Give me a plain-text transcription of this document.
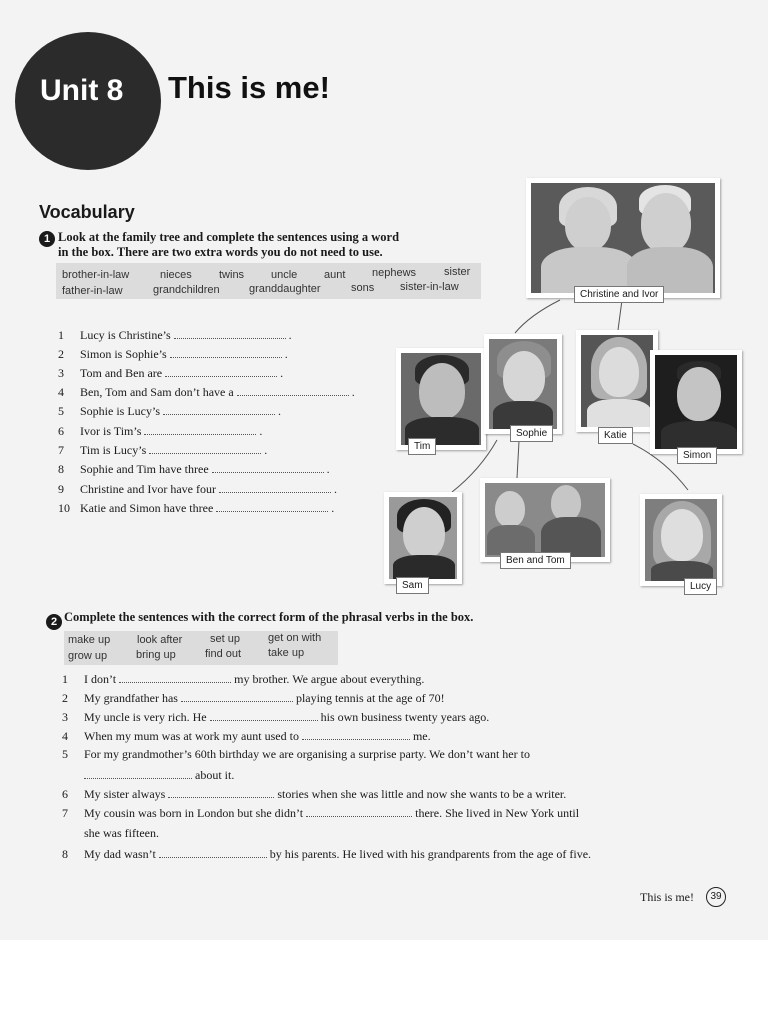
Unit 8 This is me!
Vocabulary
1 Look at the family tree and complete the sentences using a word
in the box. There are two extra words you do not need to use.
brother-in-law	nieces twins uncle aunt nephews	sister
father-in-law	grandchildren	granddaughter	sons sister-in-law
1 Lucy is Christine’s	.
2 Simon is Sophie’s	.
3 Tom and Ben are	.
4 Ben, Tom and Sam don’t have a	.
5 Sophie is Lucy’s	.
6 Ivor is Tim’s	.
7 Tim is Lucy’s	.
8 Sophie and Tim have three	.
9 Christine and Ivor have four	.
10 Katie and Simon have three	.
Christine and Ivor
Tim
Sophie	Katie
Simon
Sam
Ben and Tom
Lucy
2 Complete the sentences with the correct form of the phrasal verbs in the box.
make up look after	set up	get on with
grow up	bring up	find out take up
1 I don’t	my brother. We argue about everything.
2 My grandfather has	playing tennis at the age of 70!
3 My uncle is very rich. He	his own business twenty years ago.
4 When my mum was at work my aunt used to	me.
5 For my grandmother’s 60th birthday we are organising a surprise party. We don’t want her to
about it.
6 My sister always	stories when she was little and now she wants to be a writer.
7 My cousin was born in London but she didn’t	there. She lived in New York until
she was fifteen.
8 My dad wasn’t	by his parents. He lived with his grandparents from the age of five.
This is me!	39
